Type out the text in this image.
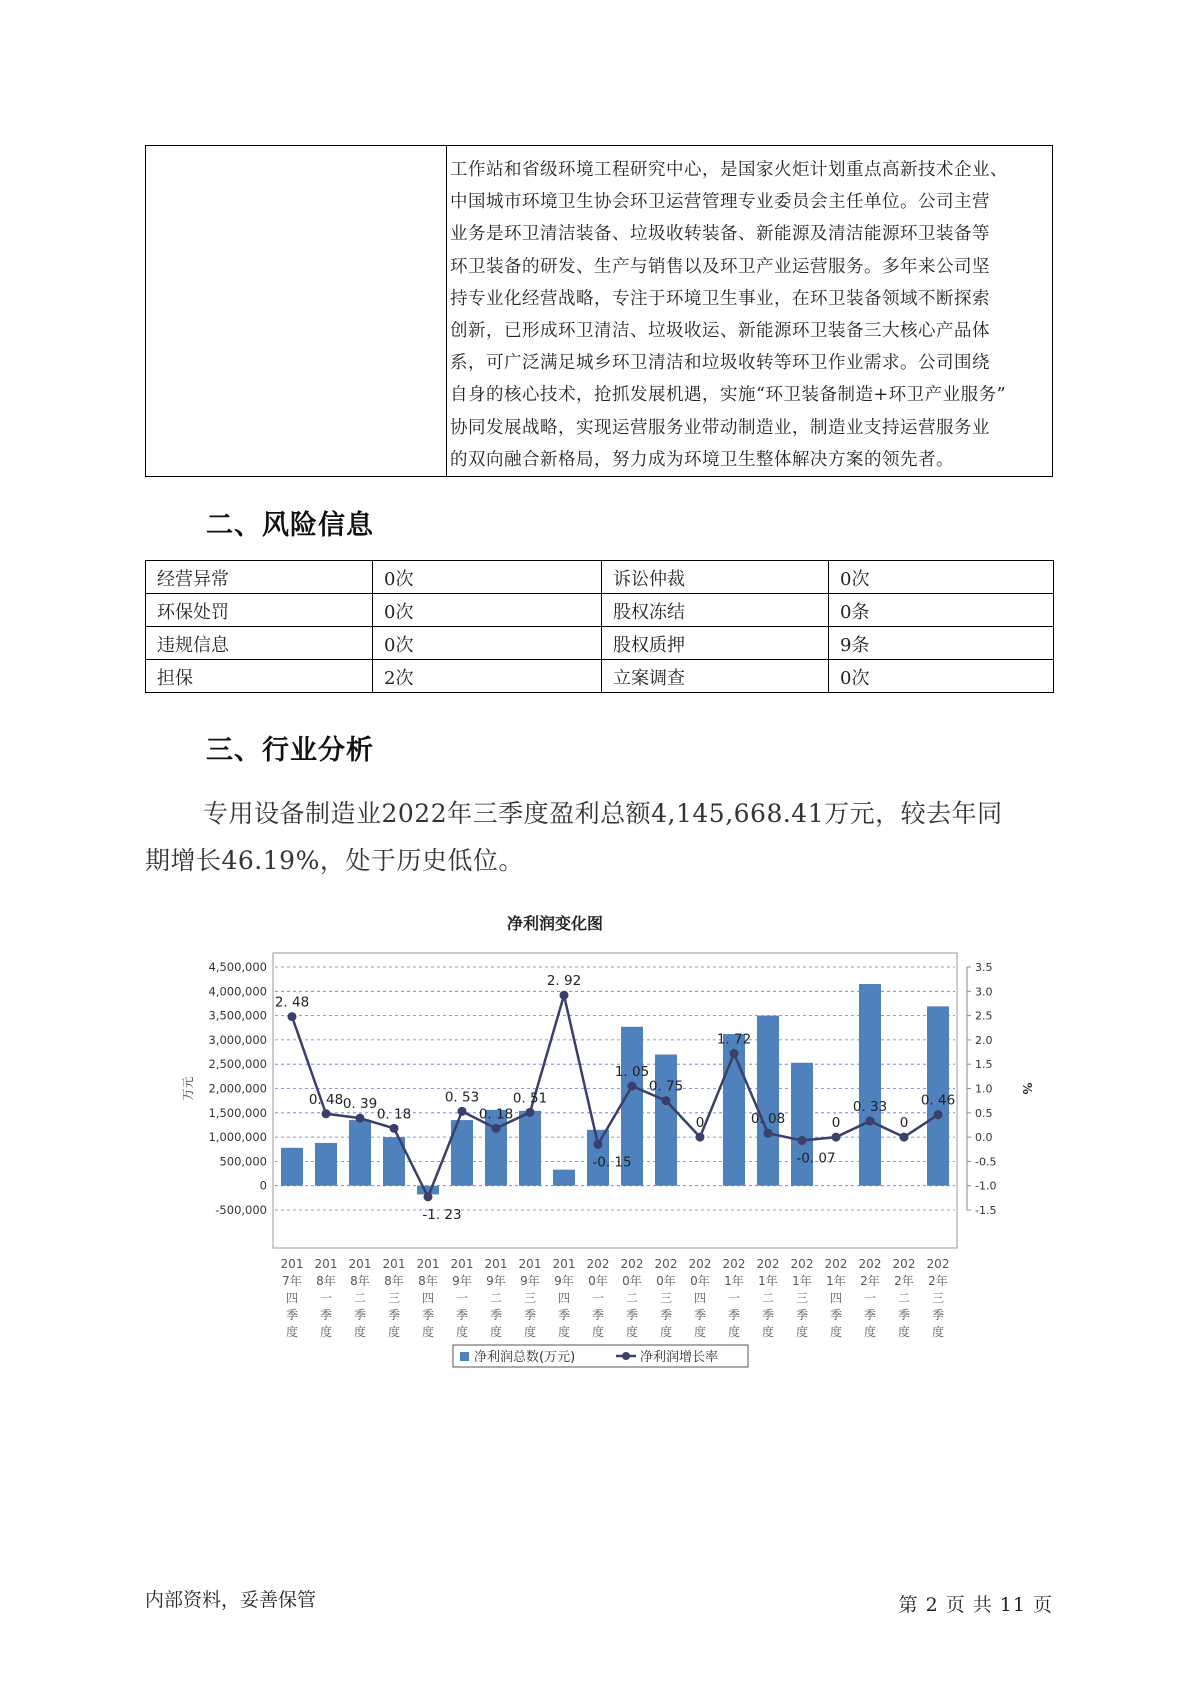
工作站和省级环境工程研究中心，是国家火炬计划重点高新技术企业、
中国城市环境卫生协会环卫运营管理专业委员会主任单位。公司主营
业务是环卫清洁装备、垃圾收转装备、新能源及清洁能源环卫装备等
环卫装备的研发、生产与销售以及环卫产业运营服务。多年来公司坚
持专业化经营战略，专注于环境卫生事业，在环卫装备领域不断探索
创新，已形成环卫清洁、垃圾收运、新能源环卫装备三大核心产品体
系，可广泛满足城乡环卫清洁和垃圾收转等环卫作业需求。公司围绕
自身的核心技术，抢抓发展机遇，实施“环卫装备制造+环卫产业服务”
协同发展战略，实现运营服务业带动制造业，制造业支持运营服务业
的双向融合新格局，努力成为环境卫生整体解决方案的领先者。
二、风险信息
经营异常	0次	诉讼仲裁	0次
环保处罚	0次	股权冻结	0条
违规信息	0次	股权质押	9条
担保	2次	立案调查	0次
三、行业分析
专用设备制造业2022年三季度盈利总额4,145,668.41万元，较去年同
期增长46.19%，处于历史低位。
净利润变化图
4,500,000
4,000,000
3,500,000
3,000,000
2,500,000
2,000,000
1,500,000
1,000,000
500,000
0
-500,000
3.5
3.0
2.5
2.0
1.5
1.0
0.5
0.0
-0.5
-1.0
-1.5
万元	%
2. 48
0. 48 0. 39
0. 18
-1. 23
0. 53
0. 18
0. 51
2. 92
-0. 15
1. 05
0. 75
0
1. 72
0. 08
-0. 07
0
0. 33
0
0. 46
201
7年
四
季
度
201
8年
一
季
度
201
8年
二
季
度
201
8年
三
季
度
201
8年
四
季
度
201
9年
一
季
度
201
9年
二
季
度
201
9年
三
季
度
201
9年
四
季
度
202
0年
一
季
度
202
0年
二
季
度
202
0年
三
季
度
202
0年
四
季
度
202
1年
一
季
度
202
1年
二
季
度
202
1年
三
季
度
202
1年
四
季
度
202
2年
一
季
度
202
2年
二
季
度
202
2年
三
季
度
净利润总数(万元)	净利润增长率
内部资料，妥善保管	第 2 页 共 11 页
